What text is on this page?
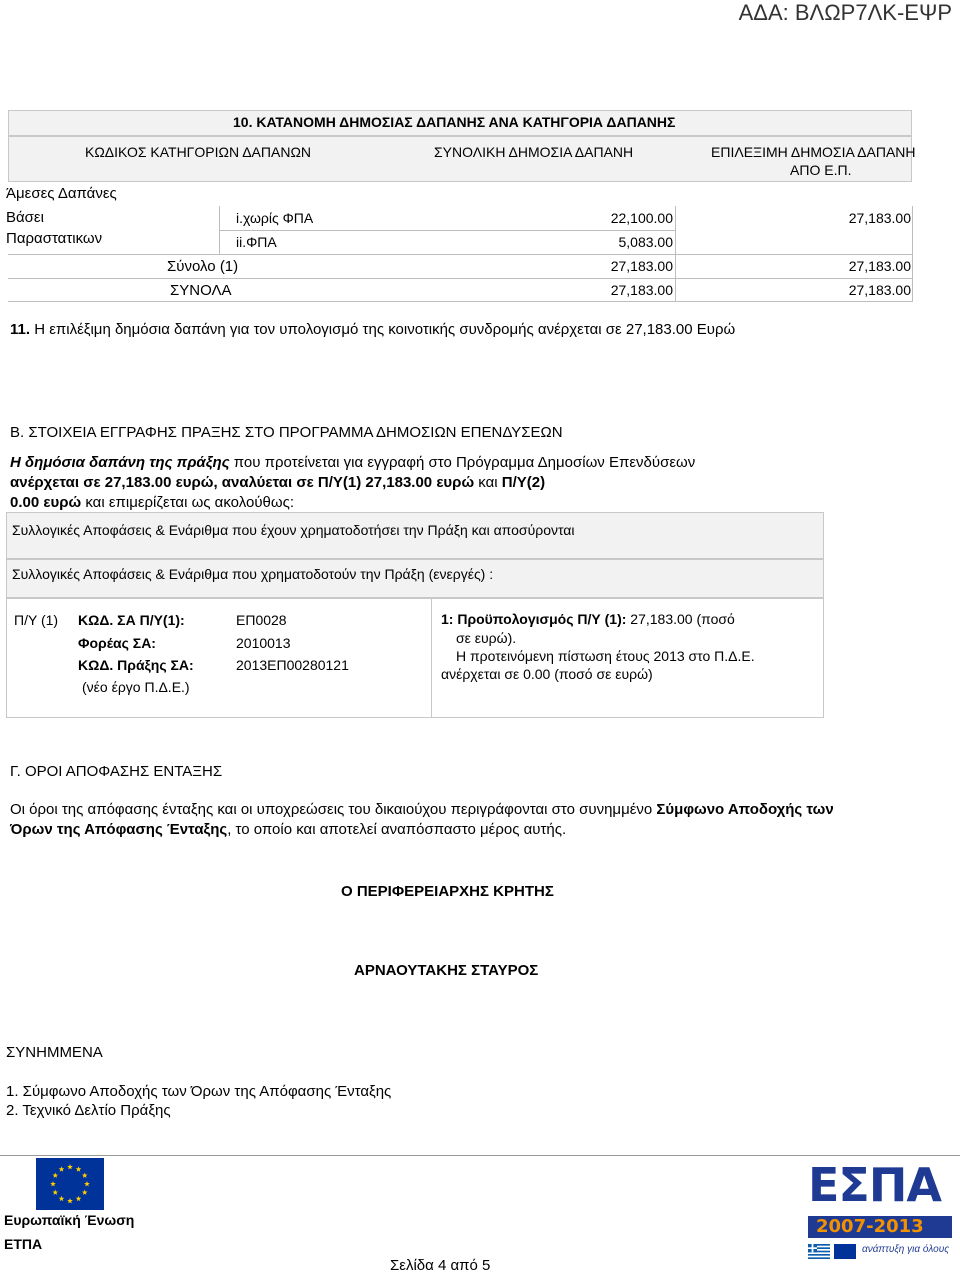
ΑΔΑ: ΒΛΩΡ7ΛΚ-ΕΨΡ
10. ΚΑΤΑΝΟΜΗ ΔΗΜΟΣΙΑΣ ΔΑΠΑΝΗΣ ΑΝΑ ΚΑΤΗΓΟΡΙΑ ΔΑΠΑΝΗΣ
ΚΩΔΙΚΟΣ ΚΑΤΗΓΟΡΙΩΝ ΔΑΠΑΝΩΝ	ΣΥΝΟΛΙΚΗ ΔΗΜΟΣΙΑ ΔΑΠΑΝΗ	ΕΠΙΛΕΞΙΜΗ ΔΗΜΟΣΙΑ ΔΑΠΑΝΗ
ΑΠΟ Ε.Π.
Άμεσες Δαπάνες
Βάσει
Παραστατικων
i.χωρίς ΦΠΑ	22,100.00	27,183.00
ii.ΦΠΑ	5,083.00
Σύνολο (1)	27,183.00	27,183.00
ΣΥΝΟΛΑ	27,183.00	27,183.00
11. Η επιλέξιμη δημόσια δαπάνη για τον υπολογισμό της κοινοτικής συνδρομής ανέρχεται σε 27,183.00 Ευρώ
Β. ΣΤΟΙΧΕΙΑ ΕΓΓΡΑΦΗΣ ΠΡΑΞΗΣ ΣΤΟ ΠΡΟΓΡΑΜΜΑ ΔΗΜΟΣΙΩΝ ΕΠΕΝΔΥΣΕΩΝ
Η δημόσια δαπάνη της πράξης που προτείνεται για εγγραφή στο Πρόγραμμα Δημοσίων Επενδύσεων
ανέρχεται σε 27,183.00 ευρώ, αναλύεται σε Π/Υ(1) 27,183.00 ευρώ και Π/Υ(2)
0.00 ευρώ και επιμερίζεται ως ακολούθως:
Συλλογικές Αποφάσεις & Ενάριθμα που έχουν χρηματοδοτήσει την Πράξη και αποσύρονται
Συλλογικές Αποφάσεις & Ενάριθμα που χρηματοδοτούν την Πράξη (ενεργές) :
Π/Υ (1) ΚΩΔ. ΣΑ Π/Υ(1):	ΕΠ0028
Φορέας ΣΑ:	2010013
ΚΩΔ. Πράξης ΣΑ:	2013ΕΠ00280121
(νέο έργο Π.Δ.Ε.)
1: Προϋπολογισμός Π/Υ (1): 27,183.00 (ποσό
σε ευρώ).
Η προτεινόμενη πίστωση έτους 2013 στο Π.Δ.Ε.
ανέρχεται σε 0.00 (ποσό σε ευρώ)
Γ. ΟΡΟΙ ΑΠΟΦΑΣΗΣ ΕΝΤΑΞΗΣ
Οι όροι της απόφασης ένταξης και οι υποχρεώσεις του δικαιούχου περιγράφονται στο συνημμένο Σύμφωνο Αποδοχής των
Όρων της Απόφασης Ένταξης, το οποίο και αποτελεί αναπόσπαστο μέρος αυτής.
Ο ΠΕΡΙΦΕΡΕΙΑΡΧΗΣ ΚΡΗΤΗΣ
ΑΡΝΑΟΥΤΑΚΗΣ ΣΤΑΥΡΟΣ
ΣΥΝΗΜΜΕΝΑ
1. Σύμφωνο Αποδοχής των Όρων της Απόφασης Ένταξης
2. Τεχνικό Δελτίο Πράξης
Ευρωπαϊκή Ένωση
ΕΤΠΑ
Σελίδα 4 από 5
ΕΣΠΑ
2007-2013
ανάπτυξη για όλους
